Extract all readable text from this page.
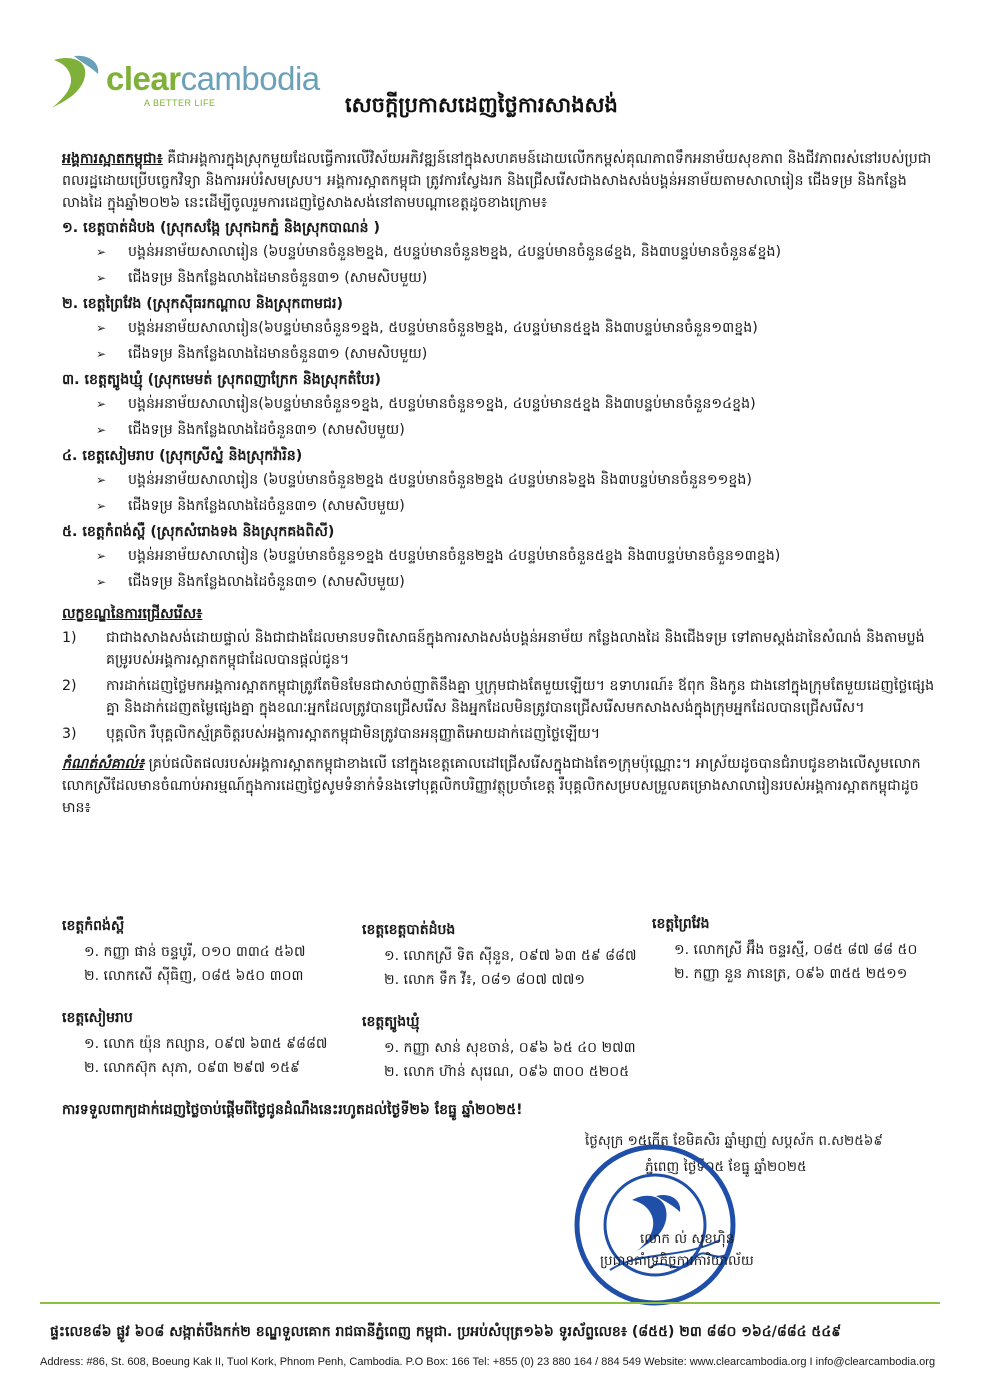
clearcambodia
A BETTER LIFE	សេចក្តីប្រកាសដេញថ្លៃការសាងសង់

អង្គការស្អាតកម្ពុជា៖ គឺជាអង្គការក្នុងស្រុកមួយដែលធ្វើការលើវិស័យអភិវឌ្ឍន៍នៅក្នុងសហគមន៍ដោយលើកកម្ពស់គុណភាពទឹកអនាម័យសុខភាព និងជីវភាពរស់នៅរបស់ប្រជាពលរដ្ឋដោយប្រើបច្ចេកវិទ្យា និងការអប់រំសមស្រប។ អង្គការស្អាតកម្ពុជា ត្រូវការស្វែងរក និងជ្រើសរើសជាងសាងសង់បង្គន់អនាម័យតាមសាលារៀន ជើងទម្រ និងកន្លែងលាងដៃ ក្នុងឆ្នាំ២០២៦ នេះដើម្បីចូលរួមការដេញថ្លៃសាងសង់នៅតាមបណ្តាខេត្តដូចខាងក្រោម៖

១. ខេត្តបាត់ដំបង (ស្រុកសង្កែ ស្រុកឯកភ្នំ និងស្រុកបាណន់ )
➢ បង្គន់អនាម័យសាលារៀន (៦បន្ទប់មានចំនួន២ខ្នង, ៥បន្ទប់មានចំនួន២ខ្នង, ៤បន្ទប់មានចំនួន៨ខ្នង, និង៣បន្ទប់មានចំនួន៩ខ្នង)
➢ ជើងទម្រ និងកន្លែងលាងដៃមានចំនួន៣១ (សាមសិបមួយ)
២. ខេត្តព្រៃវែង (ស្រុកស៊ីធរកណ្តាល និងស្រុកពាមជរ)
➢ បង្គន់អនាម័យសាលារៀន(៦បន្ទប់មានចំនួន១ខ្នង, ៥បន្ទប់មានចំនួន២ខ្នង, ៤បន្ទប់មាន៥ខ្នង និង៣បន្ទប់មានចំនួន១៣ខ្នង)
➢ ជើងទម្រ និងកន្លែងលាងដៃមានចំនួន៣១ (សាមសិបមួយ)
៣. ខេត្តត្បូងឃ្មុំ (ស្រុកមេមត់ ស្រុកពញាក្រែក និងស្រុកតំបែរ)
➢ បង្គន់អនាម័យសាលារៀន(៦បន្ទប់មានចំនួន១ខ្នង, ៥បន្ទប់មានចំនួន១ខ្នង, ៤បន្ទប់មាន៥ខ្នង និង៣បន្ទប់មានចំនួន១៤ខ្នង)
➢ ជើងទម្រ និងកន្លែងលាងដៃចំនួន៣១ (សាមសិបមួយ)
៤. ខេត្តសៀមរាប (ស្រុកស្រីស្នំ និងស្រុកវ៉ារិន)
➢ បង្គន់អនាម័យសាលារៀន (៦បន្ទប់មានចំនួន២ខ្នង ៥បន្ទប់មានចំនួន២ខ្នង ៤បន្ទប់មាន៦ខ្នង និង៣បន្ទប់មានចំនួន១១ខ្នង)
➢ ជើងទម្រ និងកន្លែងលាងដៃចំនួន៣១ (សាមសិបមួយ)
៥. ខេត្តកំពង់ស្ពឺ (ស្រុកសំរោងទង និងស្រុកគងពិសី)
➢ បង្គន់អនាម័យសាលារៀន (៦បន្ទប់មានចំនួន១ខ្នង ៥បន្ទប់មានចំនួន២ខ្នង ៤បន្ទប់មានចំនួន៥ខ្នង និង៣បន្ទប់មានចំនួន១៣ខ្នង)
➢ ជើងទម្រ និងកន្លែងលាងដៃចំនួន៣១ (សាមសិបមួយ)
លក្ខខណ្ឌនៃការជ្រើសរើស៖
1) ជាជាងសាងសង់ដោយផ្ទាល់ និងជាជាងដែលមានបទពិសោធន៍ក្នុងការសាងសង់បង្គន់អនាម័យ កន្លែងលាងដៃ និងជើងទម្រ ទៅតាមស្តង់ដានៃសំណង់ និងតាមប្លង់គម្រូរបស់អង្គការស្អាតកម្ពុជាដែលបានផ្តល់ជូន។
2) ការដាក់ដេញថ្លៃមកអង្គការស្អាតកម្ពុជាត្រូវតែមិនមែនជាសាច់ញាតិនឹងគ្នា ឬក្រុមជាងតែមួយឡើយ។ ឧទាហរណ៍៖ ឪពុក និងកូន ជាងនៅក្នុងក្រុមតែមួយដេញថ្លៃផ្សេងគ្នា និងដាក់ដេញតម្លៃផ្សេងគ្នា ក្នុងខណៈអ្នកដែលត្រូវបានជ្រើសរើស និងអ្នកដែលមិនត្រូវបានជ្រើសរើសមកសាងសង់ក្នុងក្រុមអ្នកដែលបានជ្រើសរើស។
3) បុគ្គលិក រឺបុគ្គលិកស្ម័គ្រចិត្តរបស់អង្គការស្អាតកម្ពុជាមិនត្រូវបានអនុញ្ញាតិអោយដាក់ដេញថ្លៃឡើយ។

កំណត់សំគាល់៖ គ្រប់ផលិតផលរបស់អង្គការស្អាតកម្ពុជាខាងលើ នៅក្នុងខេត្តគោលដៅជ្រើសរើសក្នុងជាងតែ១ក្រុមប៉ុណ្ណោះ។ អាស្រ័យដូចបានជំរាបជូនខាងលើសូមលោក លោកស្រីដែលមានចំណាប់អារម្មណ៍ក្នុងការដេញថ្លៃសូមទំនាក់ទំនងទៅបុគ្គលិកបរិញ្ញាវត្ថុប្រចាំខេត្ត រឺបុគ្គលិកសម្របសម្រួលគម្រោងសាលារៀនរបស់អង្គការស្អាតកម្ពុជាដូចមាន៖

ខេត្តកំពង់ស្ពឺ
១. កញ្ញា ផាន់ ចន្ទបូរី, ០១០ ៣៣៤ ៥៦៧
២. លោកសេី ស៊ីធិញ, ០៨៥ ៦៥០ ៣០៣
ខេត្តខេត្តបាត់ដំបង
១. លោកស្រី ទិត ស៊ីនួន, ០៩៧ ៦៣ ៥៩ ៨៨៧
២. លោក ទឹក វី៖, ០៨១ ៨០៧ ៧៧១
ខេត្តព្រៃវែង
១. លោកស្រី អ៊ឹង ចន្ទរស្មី, ០៨៥ ៨៧ ៨៨ ៥០
២. កញ្ញា នួន ភានេត្រ, ០៩៦ ៣៥៥ ២៥១១
ខេត្តសៀមរាប
១. លោក យ៉ុន កល្យាន, ០៩៧ ៦៣៥ ៩៨៨៧
២. លោកស៊ុក សុភា, ០៩៣ ២៩៧ ១៥៩
ខេត្តត្បូងឃ្មុំ
១. កញ្ញា សាន់ សុខចាន់, ០៩៦ ៦៥ ៤០ ២៧៣
២. លោក ហ៊ាន់ សុរេណ, ០៩៦ ៣០០ ៥២០៥
ការទទួលពាក្យដាក់ដេញថ្លៃចាប់ផ្តើមពីថ្ងៃជូនដំណឹងនេះរហូតដល់ថ្ងៃទី២៦ ខែធ្នូ ឆ្នាំ២០២៥!
ថ្ងៃសុក្រ ១៥កើត ខែមិគសិរ ឆ្នាំម្សាញ់ សប្តស័ក ព.ស២៥៦៩
ភ្នំពេញ ថ្ងៃទី០៥ ខែធ្នូ ឆ្នាំ២០២៥
លោក ល់ សុខហ៊ិន
ប្រធានគាំទ្រកិច្ចការការិយាល័យ
ផ្ទះលេខ៨៦ ផ្លូវ ៦០៨ សង្កាត់បឹងកក់២ ខណ្ឌទួលគោក រាជធានីភ្នំពេញ កម្ពុជា. ប្រអប់សំបុត្រ១៦៦ ទូរស័ព្ទលេខ៖ (៨៥៥) ២៣ ៨៨០ ១៦៤/៨៨៤ ៥៤៩
Address: #86, St. 608, Boeung Kak II, Tuol Kork, Phnom Penh, Cambodia. P.O Box: 166 Tel: +855 (0) 23 880 164 / 884 549 Website: www.clearcambodia.org I info@clearcambodia.org
